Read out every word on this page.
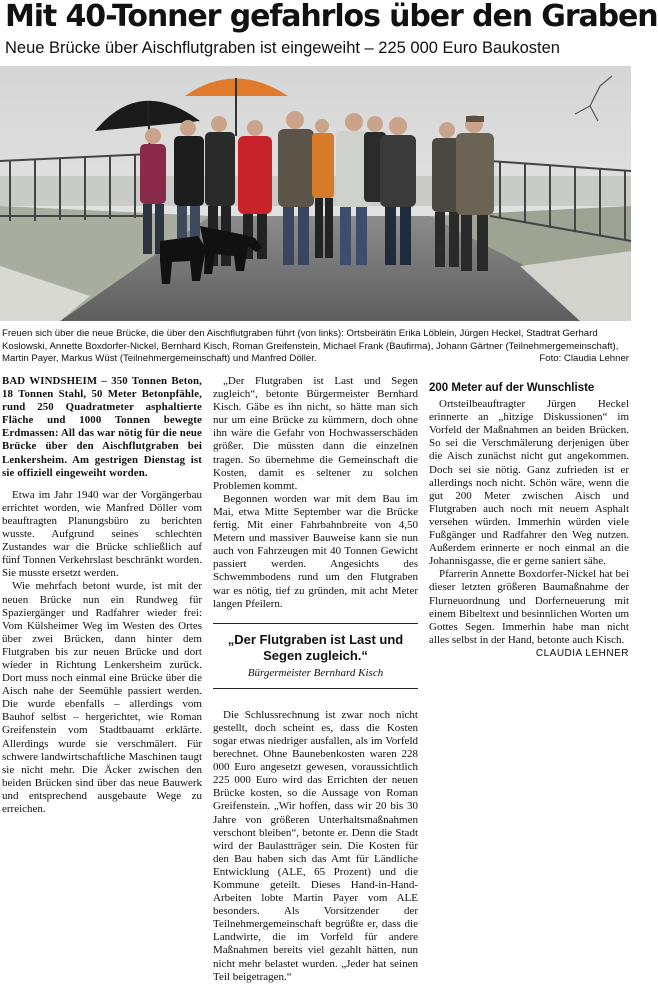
Mit 40-Tonner gefahrlos über den Graben
Neue Brücke über Aischflutgraben ist eingeweiht – 225 000 Euro Baukosten
Freuen sich über die neue Brücke, die über den Aischflutgraben führt (von links): Ortsbeirätin Erika Löblein, Jürgen Heckel, Stadtrat Gerhard Koslowski, Annette Boxdorfer-Nickel, Bernhard Kisch, Roman Greifenstein, Michael Frank (Baufirma), Johann Gärtner (Teilnehmergemeinschaft), Martin Payer, Markus Wüst (Teilnehmergemeinschaft) und Manfred Döller.	Foto: Claudia Lehner

BAD WINDSHEIM – 350 Tonnen Beton, 18 Tonnen Stahl, 50 Meter Betonpfähle, rund 250 Quadratmeter asphaltierte Fläche und 1000 Tonnen bewegte Erdmassen: All das war nötig für die neue Brücke über den Aischflutgraben bei Lenkersheim. Am gestrigen Dienstag ist sie offiziell eingeweiht worden.

Etwa im Jahr 1940 war der Vorgängerbau errichtet worden, wie Manfred Döller vom beauftragten Planungsbüro zu berichten wusste. Aufgrund seines schlechten Zustandes war die Brücke schließlich auf fünf Tonnen Verkehrslast beschränkt worden. Sie musste ersetzt werden.

Wie mehrfach betont wurde, ist mit der neuen Brücke nun ein Rundweg für Spaziergänger und Radfahrer wieder frei: Vom Külsheimer Weg im Westen des Ortes über zwei Brücken, dann hinter dem Flutgraben bis zur neuen Brücke und dort wieder in Richtung Lenkersheim zurück. Dort muss noch einmal eine Brücke über die Aisch nahe der Seemühle passiert werden. Die wurde ebenfalls – allerdings vom Bauhof selbst – hergerichtet, wie Roman Greifenstein vom Stadtbauamt erklärte. Allerdings wurde sie verschmälert. Für schwere landwirtschaftliche Maschinen taugt sie nicht mehr. Die Äcker zwischen den beiden Brücken sind über das neue Bauwerk und entsprechend ausgebaute Wege zu erreichen.

„Der Flutgraben ist Last und Segen zugleich“, betonte Bürgermeister Bernhard Kisch. Gäbe es ihn nicht, so hätte man sich nur um eine Brücke zu kümmern, doch ohne ihn wäre die Gefahr von Hochwasserschäden größer. Die müssten dann die einzelnen tragen. So übernehme die Gemeinschaft die Kosten, damit es seltener zu solchen Problemen kommt.

Begonnen worden war mit dem Bau im Mai, etwa Mitte September war die Brücke fertig. Mit einer Fahrbahnbreite von 4,50 Metern und massiver Bauweise kann sie nun auch von Fahrzeugen mit 40 Tonnen Gewicht passiert werden. Angesichts des Schwemmbodens rund um den Flutgraben war es nötig, tief zu gründen, mit acht Meter langen Pfeilern.

„Der Flutgraben ist Last und Segen zugleich.“
Bürgermeister Bernhard Kisch

Die Schlussrechnung ist zwar noch nicht gestellt, doch scheint es, dass die Kosten sogar etwas niedriger ausfallen, als im Vorfeld berechnet. Ohne Baunebenkosten waren 228 000 Euro angesetzt gewesen, voraussichtlich 225 000 Euro wird das Errichten der neuen Brücke kosten, so die Aussage von Roman Greifenstein. „Wir hoffen, dass wir 20 bis 30 Jahre von größeren Unterhaltsmaßnahmen verschont bleiben“, betonte er. Denn die Stadt wird der Baulastträger sein. Die Kosten für den Bau haben sich das Amt für Ländliche Entwicklung (ALE, 65 Prozent) und die Kommune geteilt. Dieses Hand-in-Hand-Arbeiten lobte Martin Payer vom ALE besonders. Als Vorsitzender der Teilnehmergemeinschaft begrüßte er, dass die Landwirte, die im Vorfeld für andere Maßnahmen bereits viel gezahlt hätten, nun nicht mehr belastet wurden. „Jeder hat seinen Teil beigetragen.“

200 Meter auf der Wunschliste

Ortsteilbeauftragter Jürgen Heckel erinnerte an „hitzige Diskussionen“ im Vorfeld der Maßnahmen an beiden Brücken. So sei die Verschmälerung derjenigen über die Aisch zunächst nicht gut angekommen. Doch sei sie nötig. Ganz zufrieden ist er allerdings noch nicht. Schön wäre, wenn die gut 200 Meter zwischen Aisch und Flutgraben auch noch mit neuem Asphalt versehen würden. Immerhin würden viele Fußgänger und Radfahrer den Weg nutzen. Außerdem erinnerte er noch einmal an die Johannisgasse, die er gerne saniert sähe.

Pfarrerin Annette Boxdorfer-Nickel hat bei dieser letzten größeren Baumaßnahme der Flurneuordnung und Dorferneuerung mit einem Bibeltext und besinnlichen Worten um Gottes Segen. Immerhin habe man nicht alles selbst in der Hand, betonte auch Kisch.
CLAUDIA LEHNER
